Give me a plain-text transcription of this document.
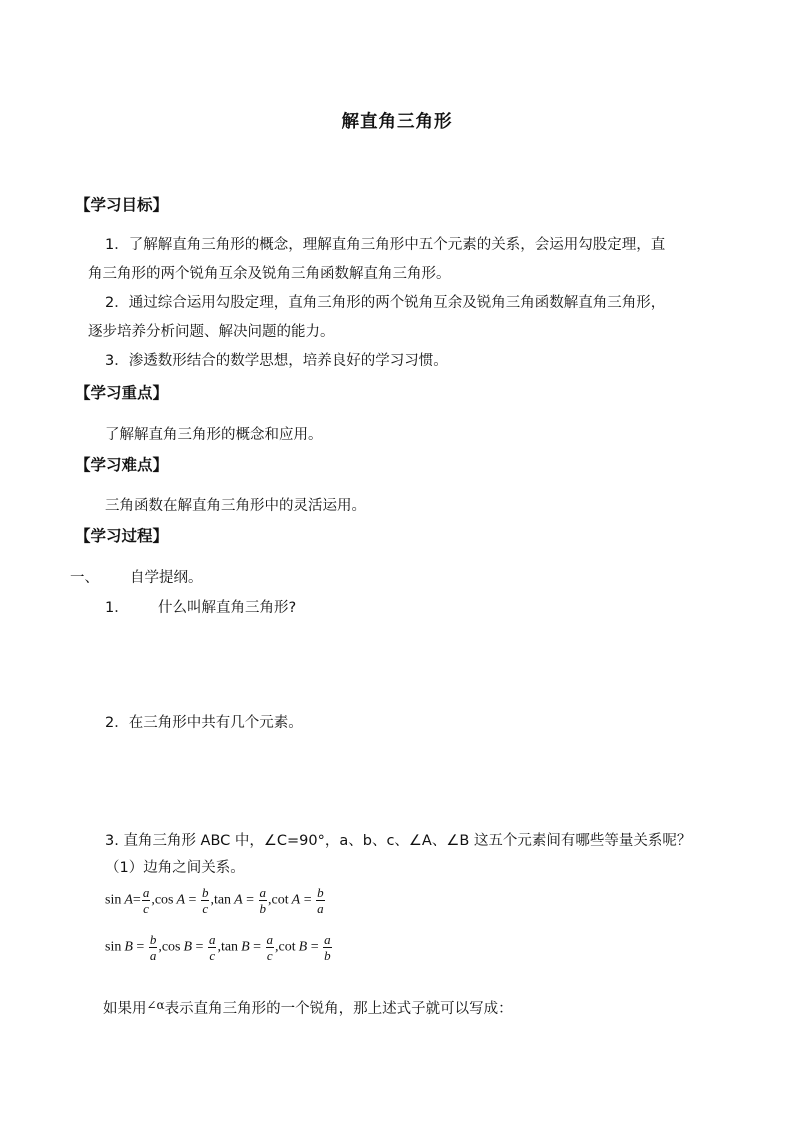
解直角三角形
【学习目标】
1．了解解直角三角形的概念，理解直角三角形中五个元素的关系，会运用勾股定理，直
角三角形的两个锐角互余及锐角三角函数解直角三角形。
2．通过综合运用勾股定理，直角三角形的两个锐角互余及锐角三角函数解直角三角形，
逐步培养分析问题、解决问题的能力。
3．渗透数形结合的数学思想，培养良好的学习习惯。
【学习重点】
了解解直角三角形的概念和应用。
【学习难点】
三角函数在解直角三角形中的灵活运用。
【学习过程】
一、 自学提纲。
1． 什么叫解直角三角形?
2．在三角形中共有几个元素。
3. 直角三角形 ABC 中，∠C=90°，a、b、c、∠A、∠B 这五个元素间有哪些等量关系呢？
（1）边角之间关系。
$\sin A= \frac{a}{c}$ , $\cos A = \frac{b}{c}$ , $\tan A = \frac{a}{b}$ , $\cot A = \frac{b}{a}$
$\sin B = \frac{b}{a}$ , $\cos B = \frac{a}{c}$ , $\tan B = \frac{a}{c}$ , $\cot B = \frac{a}{b}$
如果用$^{\angle\alpha}$表示直角三角形的一个锐角，那上述式子就可以写成：
